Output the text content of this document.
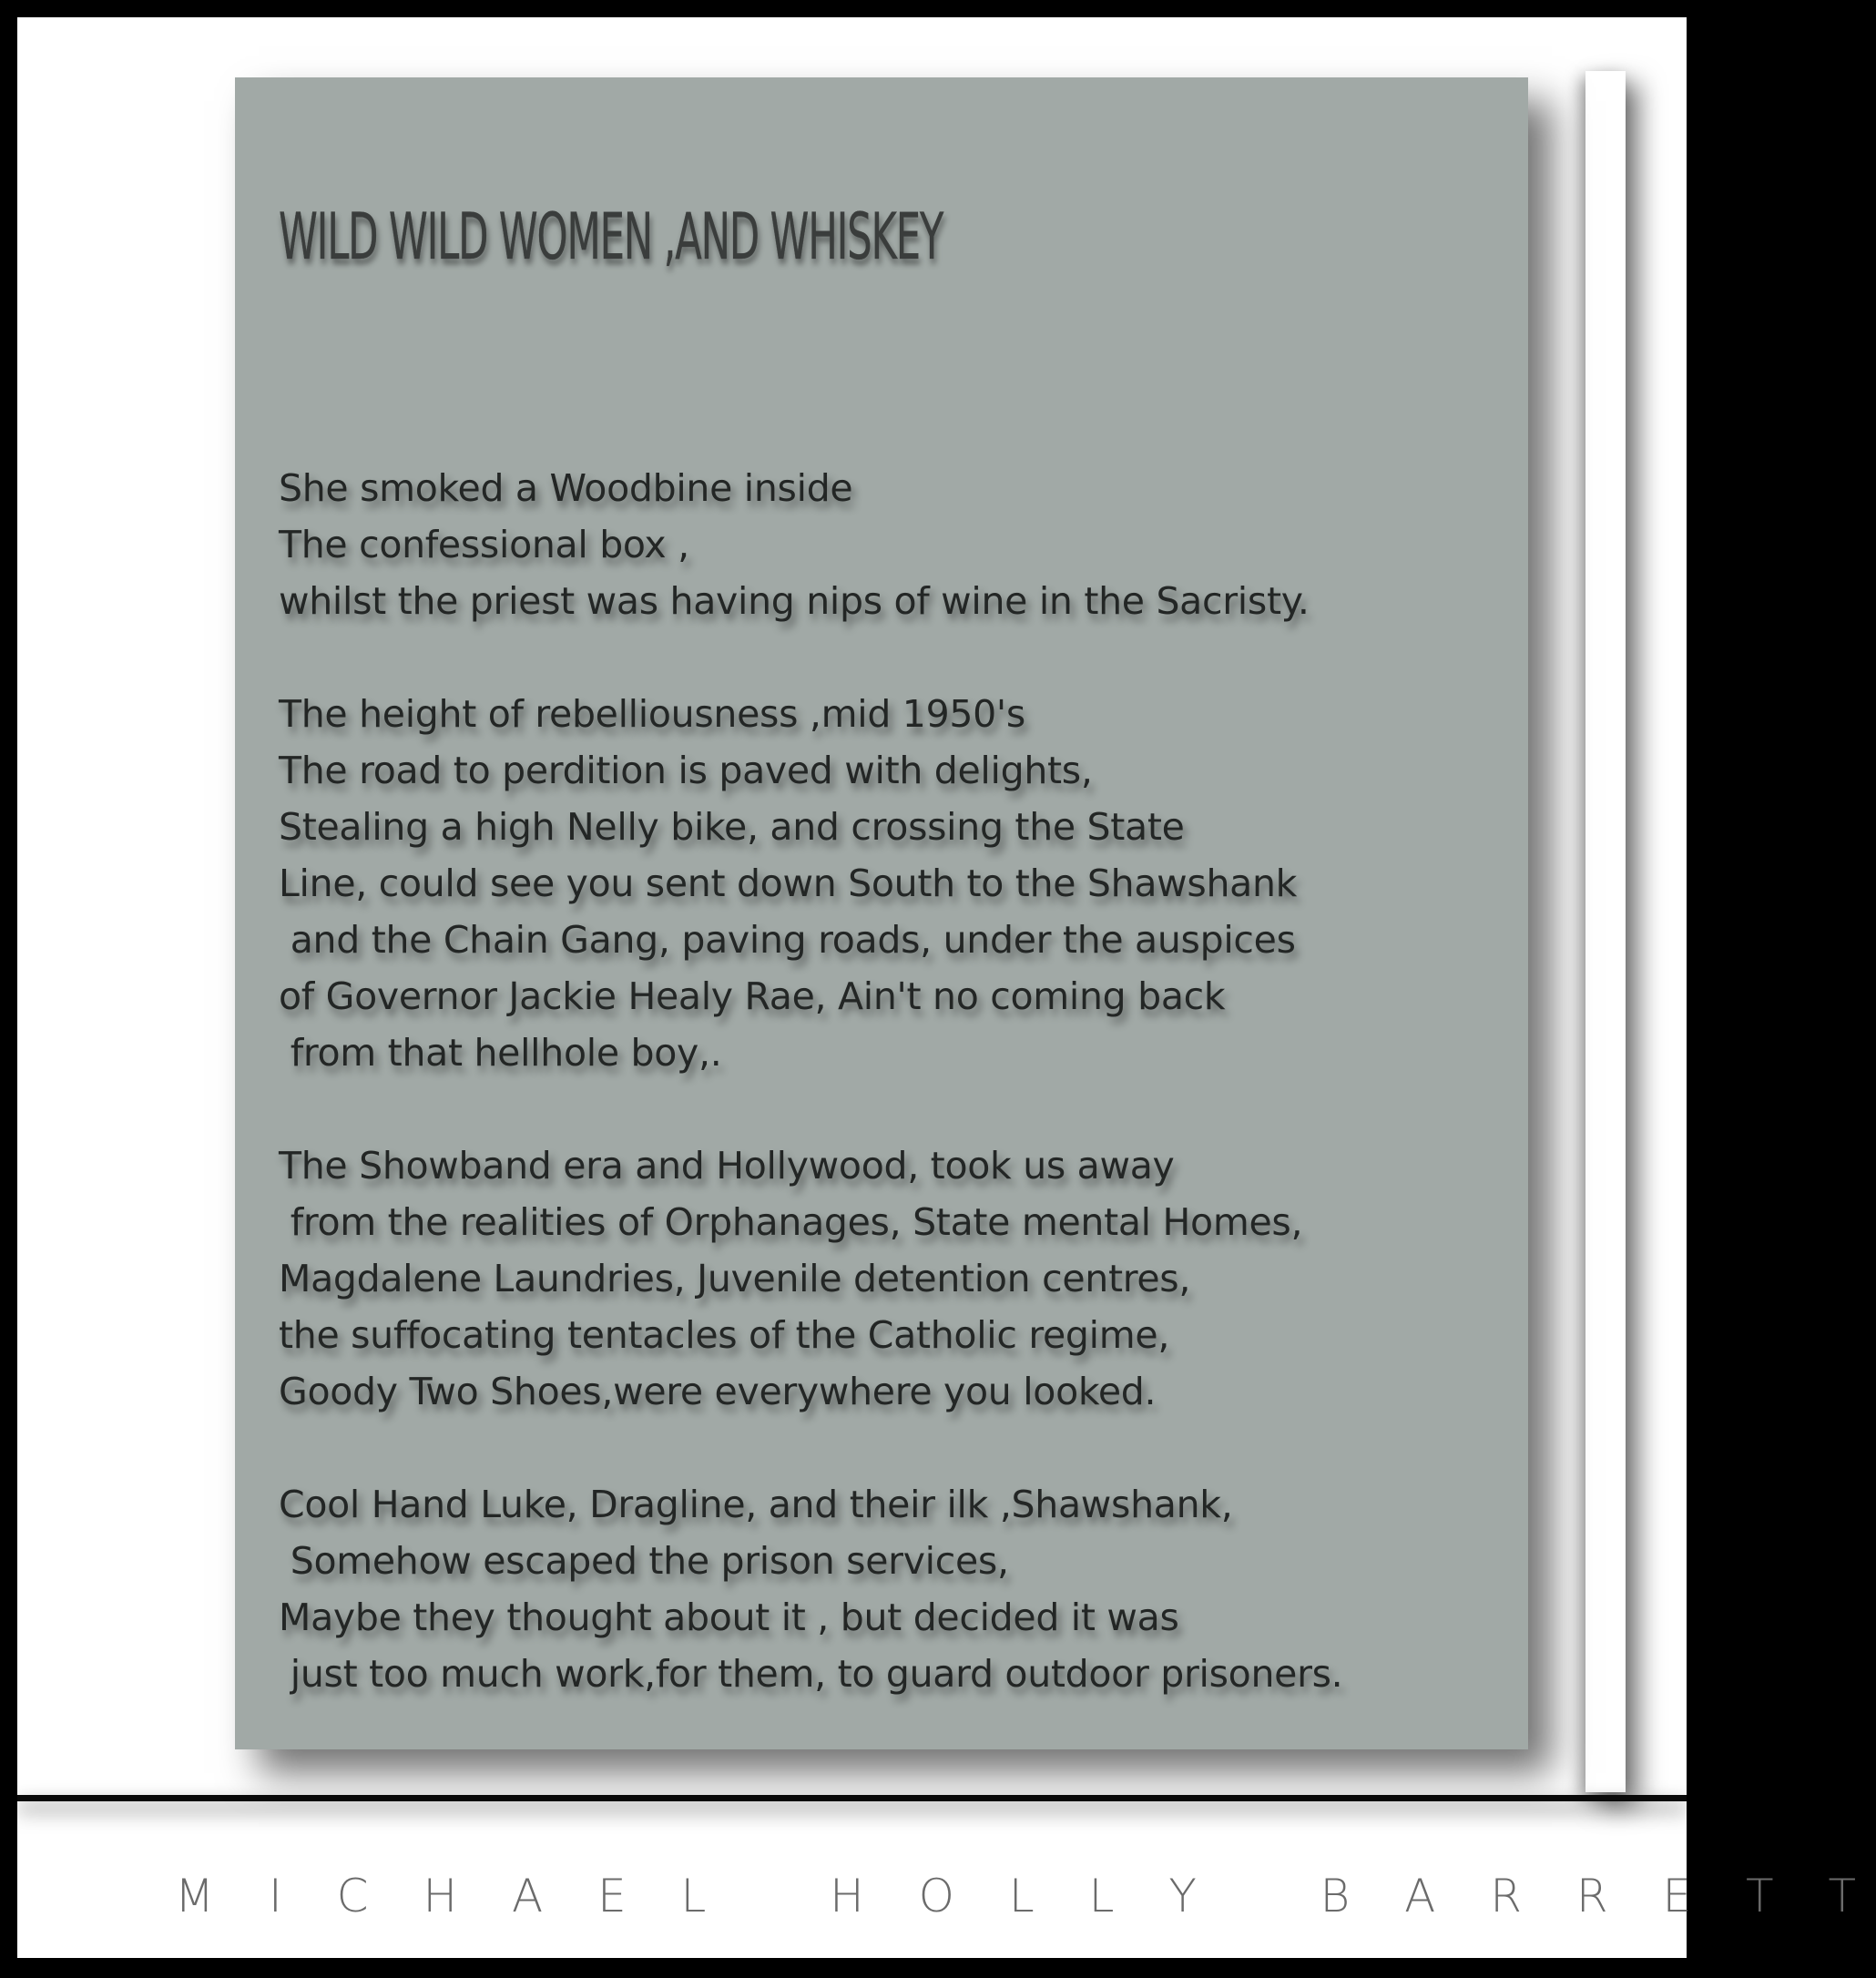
WILD WILD WOMEN ,AND WHISKEY
She smoked a Woodbine inside
The confessional box ,
whilst the priest was having nips of wine in the Sacristy.
The height of rebelliousness ,mid 1950's
The road to perdition is paved with delights,
Stealing a high Nelly bike, and crossing the State
Line, could see you sent down South to the Shawshank
and the Chain Gang, paving roads, under the auspices
of Governor Jackie Healy Rae, Ain't no coming back
from that hellhole boy,.
The Showband era and Hollywood, took us away
from the realities of Orphanages, State mental Homes,
Magdalene Laundries, Juvenile detention centres,
the suffocating tentacles of the Catholic regime,
Goody Two Shoes,were everywhere you looked.
Cool Hand Luke, Dragline, and their ilk ,Shawshank,
Somehow escaped the prison services,
Maybe they thought about it , but decided it was
just too much work,for them, to guard outdoor prisoners.
M I C H A E L   H O L L Y   B A R R E T T
